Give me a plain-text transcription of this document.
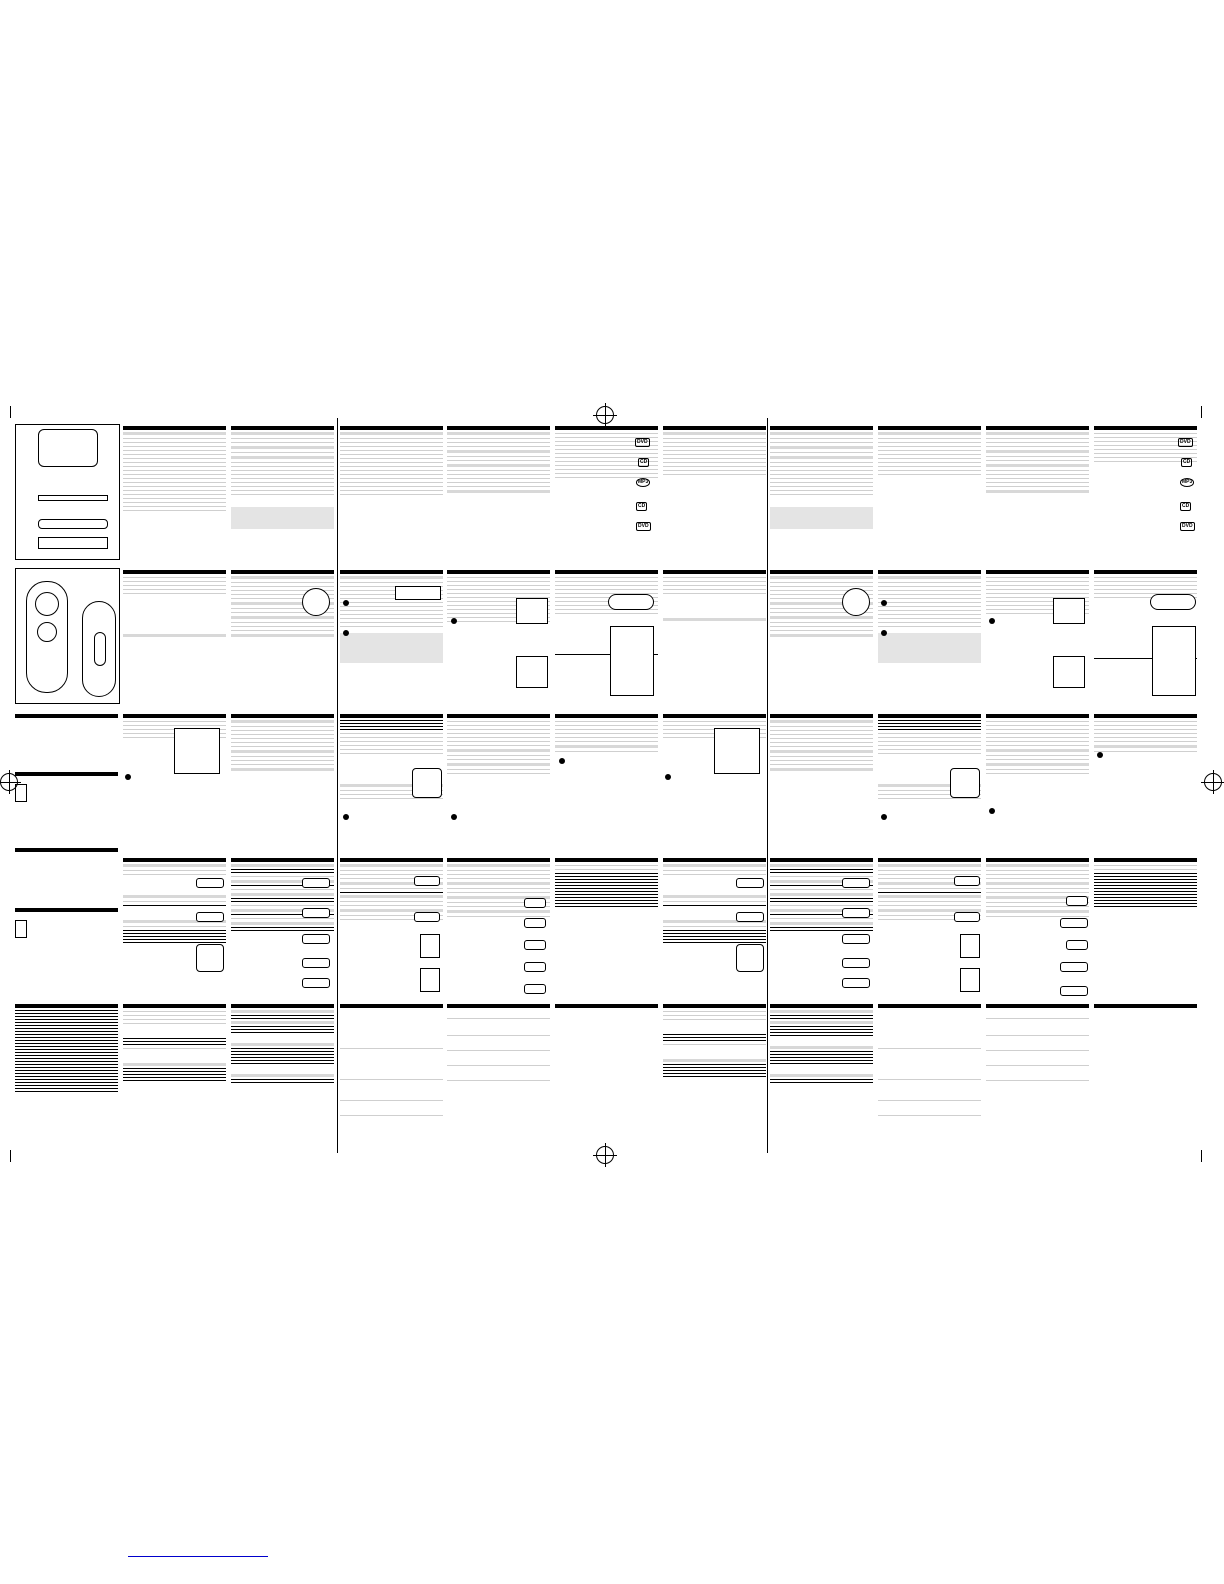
DVD
CD
MP3
CD
DVD
DVD
CD
MP3
CD
DVD
